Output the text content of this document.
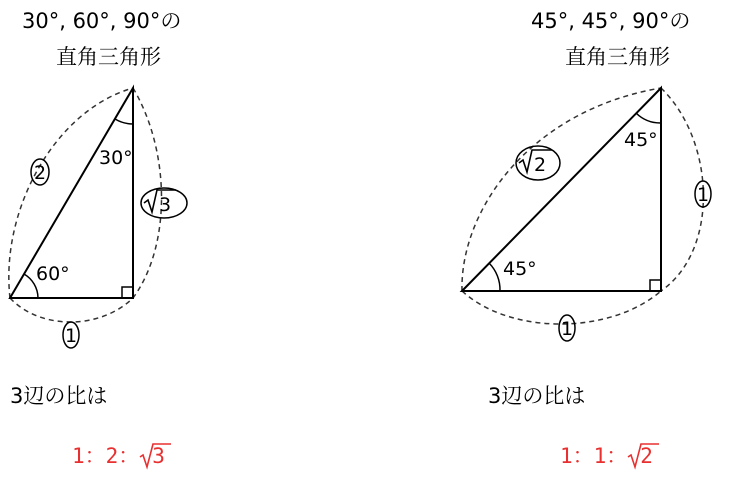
30°, 60°, 90°の
直角三角形
30°
60°
2
3
1
3辺の比は
1：2： 3
45°, 45°, 90°の
直角三角形
45°
45°
2
1
1
3辺の比は
1：1： 2
